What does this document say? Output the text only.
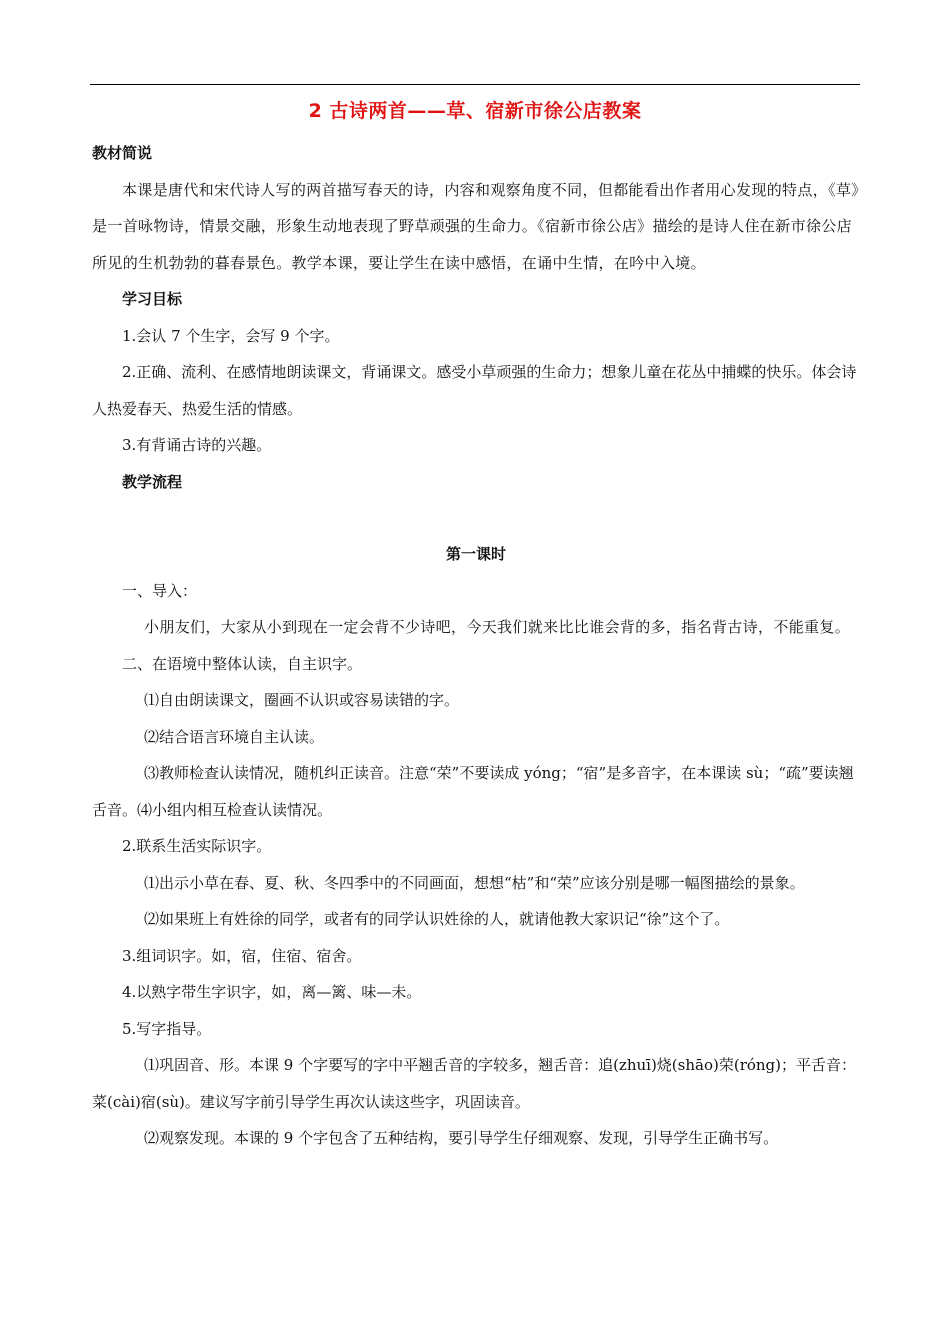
2 古诗两首——草、宿新市徐公店教案

教材简说

本课是唐代和宋代诗人写的两首描写春天的诗，内容和观察角度不同，但都能看出作者用心发现的特点，《草》是一首咏物诗，情景交融，形象生动地表现了野草顽强的生命力。《宿新市徐公店》描绘的是诗人住在新市徐公店所见的生机勃勃的暮春景色。教学本课，要让学生在读中感悟，在诵中生情，在吟中入境。

学习目标

1.会认 7 个生字，会写 9 个字。

2.正确、流利、在感情地朗读课文，背诵课文。感受小草顽强的生命力；想象儿童在花丛中捕蝶的快乐。体会诗人热爱春天、热爱生活的情感。

3.有背诵古诗的兴趣。

教学流程

第一课时

一、导入：

小朋友们，大家从小到现在一定会背不少诗吧，今天我们就来比比谁会背的多，指名背古诗，不能重复。

二、在语境中整体认读，自主识字。

⑴自由朗读课文，圈画不认识或容易读错的字。

⑵结合语言环境自主认读。

⑶教师检查认读情况，随机纠正读音。注意“荣”不要读成 yóng；“宿”是多音字，在本课读 sù；“疏”要读翘舌音。⑷小组内相互检查认读情况。

2.联系生活实际识字。

⑴出示小草在春、夏、秋、冬四季中的不同画面，想想“枯”和“荣”应该分别是哪一幅图描绘的景象。

⑵如果班上有姓徐的同学，或者有的同学认识姓徐的人，就请他教大家识记“徐”这个了。

3.组词识字。如，宿，住宿、宿舍。

4.以熟字带生字识字，如，离—篱、味—未。

5.写字指导。

⑴巩固音、形。本课 9 个字要写的字中平翘舌音的字较多，翘舌音：追(zhuī)烧(shāo)荣(róng)；平舌音：菜(cài)宿(sù)。建议写字前引导学生再次认读这些字，巩固读音。

⑵观察发现。本课的 9 个字包含了五种结构，要引导学生仔细观察、发现，引导学生正确书写。
